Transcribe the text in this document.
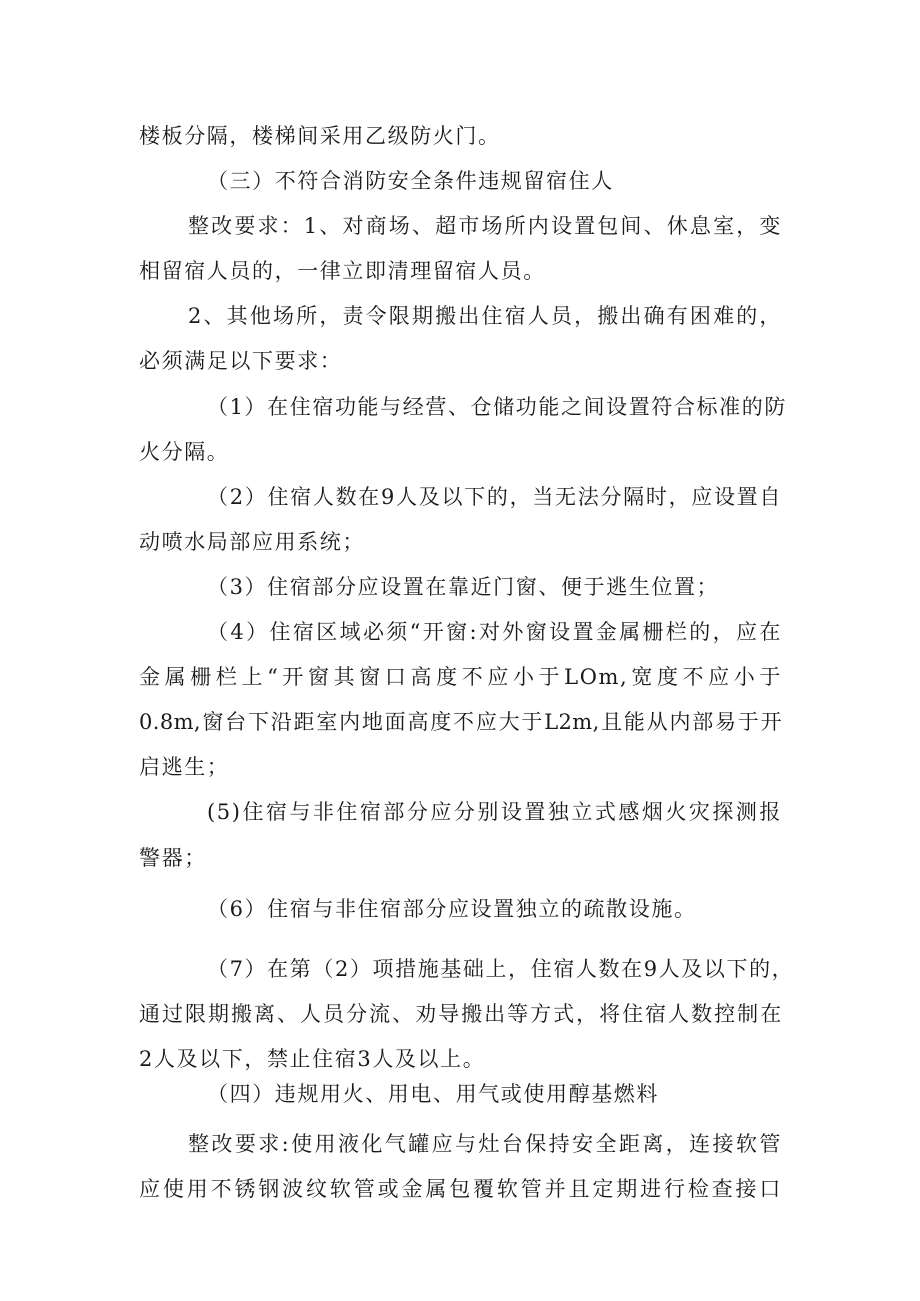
楼板分隔，楼梯间采用乙级防火门。
（三）不符合消防安全条件违规留宿住人
整改要求：1、对商场、超市场所内设置包间、休息室，变
相留宿人员的，一律立即清理留宿人员。
2、其他场所，责令限期搬出住宿人员，搬出确有困难的，
必须满足以下要求：
（1）在住宿功能与经营、仓储功能之间设置符合标准的防
火分隔。
（2）住宿人数在9人及以下的，当无法分隔时，应设置自
动喷水局部应用系统；
（3）住宿部分应设置在靠近门窗、便于逃生位置；
（4）住宿区域必须“开窗:对外窗设置金属栅栏的，应在
金属栅栏上“开窗其窗口高度不应小于LOm,宽度不应小于
0.8m,窗台下沿距室内地面高度不应大于L2m,且能从内部易于开
启逃生；
(5)住宿与非住宿部分应分别设置独立式感烟火灾探测报
警器；
（6）住宿与非住宿部分应设置独立的疏散设施。
（7）在第（2）项措施基础上，住宿人数在9人及以下的，
通过限期搬离、人员分流、劝导搬出等方式，将住宿人数控制在
2人及以下，禁止住宿3人及以上。
（四）违规用火、用电、用气或使用醇基燃料
整改要求:使用液化气罐应与灶台保持安全距离，连接软管
应使用不锈钢波纹软管或金属包覆软管并且定期进行检查接口
